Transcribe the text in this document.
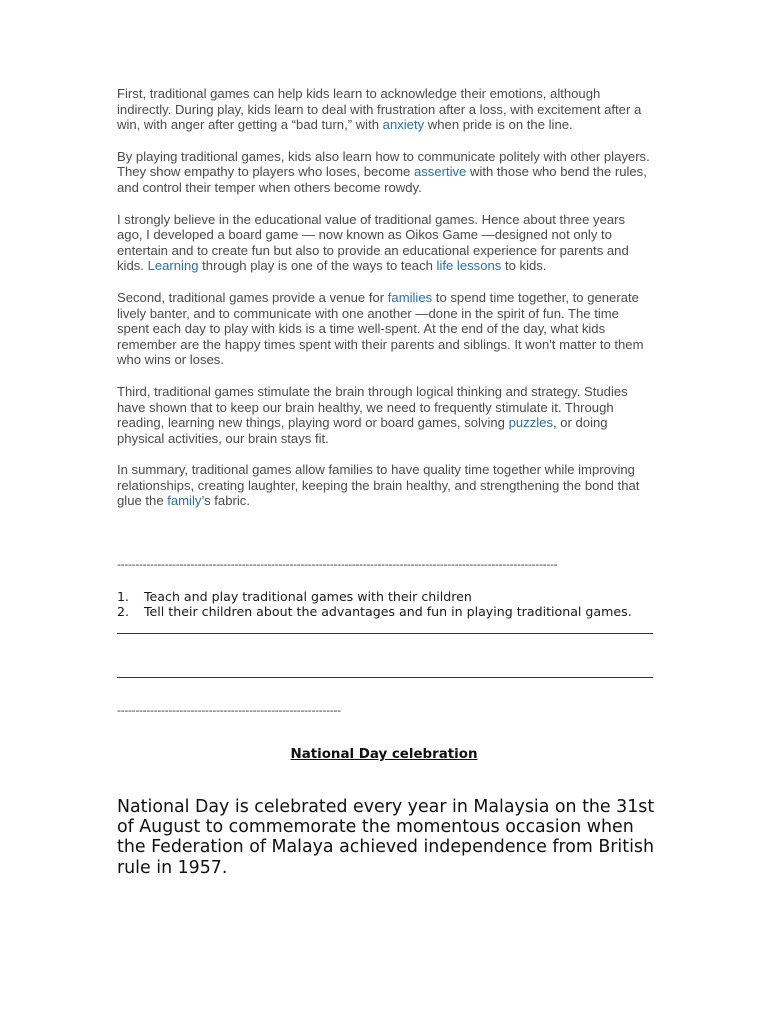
First, traditional games can help kids learn to acknowledge their emotions, although indirectly. During play, kids learn to deal with frustration after a loss, with excitement after a win, with anger after getting a “bad turn,” with anxiety when pride is on the line.

By playing traditional games, kids also learn how to communicate politely with other players. They show empathy to players who loses, become assertive with those who bend the rules, and control their temper when others become rowdy.

I strongly believe in the educational value of traditional games. Hence about three years ago, I developed a board game — now known as Oikos Game —designed not only to entertain and to create fun but also to provide an educational experience for parents and kids. Learning through play is one of the ways to teach life lessons to kids.

Second, traditional games provide a venue for families to spend time together, to generate lively banter, and to communicate with one another —done in the spirit of fun. The time spent each day to play with kids is a time well-spent. At the end of the day, what kids remember are the happy times spent with their parents and siblings. It won't matter to them who wins or loses.

Third, traditional games stimulate the brain through logical thinking and strategy. Studies have shown that to keep our brain healthy, we need to frequently stimulate it. Through reading, learning new things, playing word or board games, solving puzzles, or doing physical activities, our brain stays fit.

In summary, traditional games allow families to have quality time together while improving relationships, creating laughter, keeping the brain healthy, and strengthening the bond that glue the family’s fabric.

------------------------------------------------------------------------------------------------------------------------
1. Teach and play traditional games with their children
2. Tell their children about the advantages and fun in playing traditional games.
-------------------------------------------------------------
National Day celebration

National Day is celebrated every year in Malaysia on the 31st of August to commemorate the momentous occasion when the Federation of Malaya achieved independence from British rule in 1957.
